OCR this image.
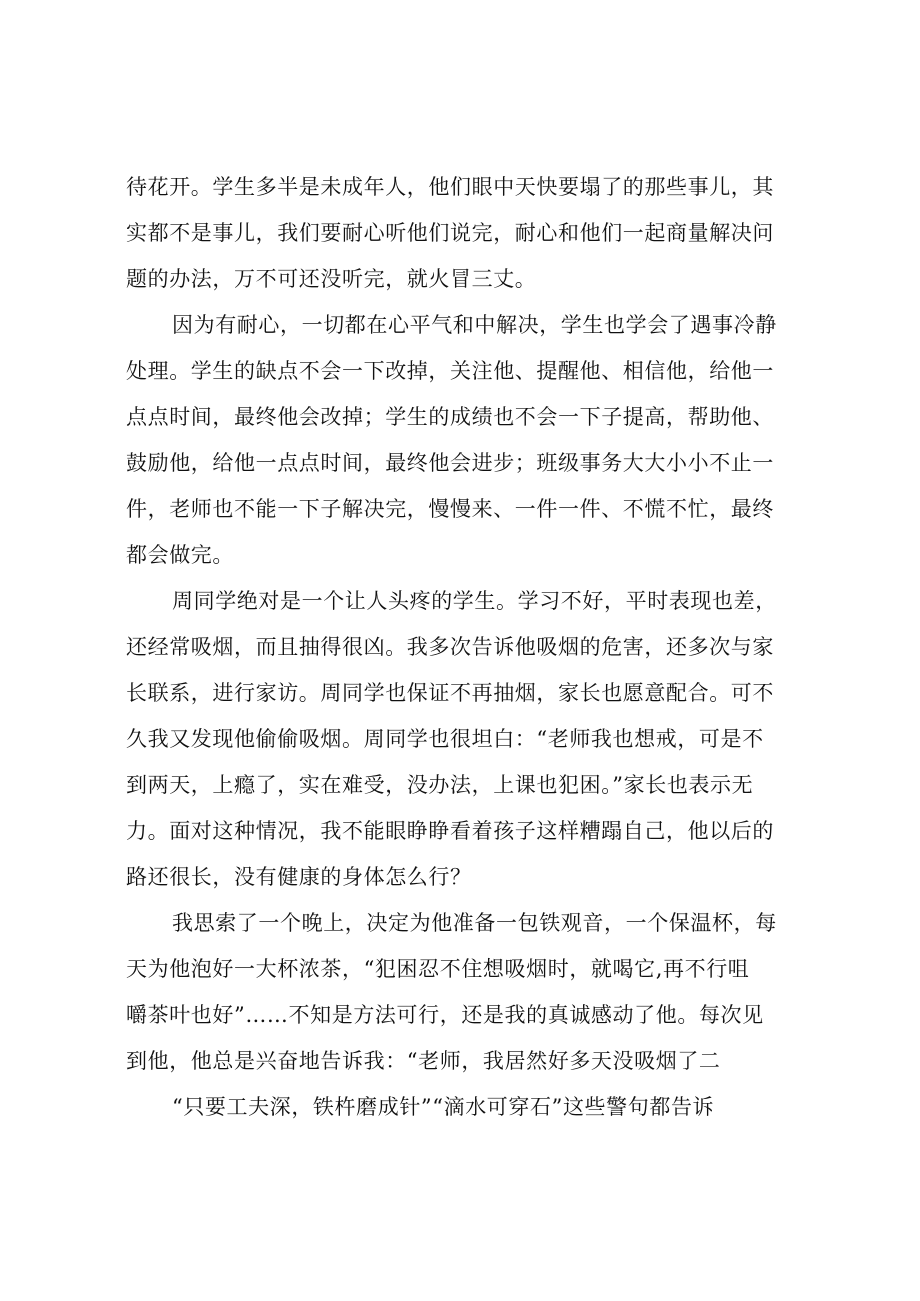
待花开。学生多半是未成年人，他们眼中天快要塌了的那些事儿，其
实都不是事儿，我们要耐心听他们说完，耐心和他们一起商量解决问
题的办法，万不可还没听完，就火冒三丈。
因为有耐心，一切都在心平气和中解决，学生也学会了遇事冷静
处理。学生的缺点不会一下改掉，关注他、提醒他、相信他，给他一
点点时间，最终他会改掉；学生的成绩也不会一下子提高，帮助他、
鼓励他，给他一点点时间，最终他会进步；班级事务大大小小不止一
件，老师也不能一下子解决完，慢慢来、一件一件、不慌不忙，最终
都会做完。
周同学绝对是一个让人头疼的学生。学习不好，平时表现也差，
还经常吸烟，而且抽得很凶。我多次告诉他吸烟的危害，还多次与家
长联系，进行家访。周同学也保证不再抽烟，家长也愿意配合。可不
久我又发现他偷偷吸烟。周同学也很坦白：“老师我也想戒，可是不
到两天，上瘾了，实在难受，没办法，上课也犯困。”家长也表示无
力。面对这种情况，我不能眼睁睁看着孩子这样糟蹋自己，他以后的
路还很长，没有健康的身体怎么行？
我思索了一个晚上，决定为他准备一包铁观音，一个保温杯，每
天为他泡好一大杯浓茶，“犯困忍不住想吸烟时，就喝它,再不行咀
嚼茶叶也好”……不知是方法可行，还是我的真诚感动了他。每次见
到他，他总是兴奋地告诉我：“老师，我居然好多天没吸烟了二
“只要工夫深，铁杵磨成针”“滴水可穿石”这些警句都告诉
